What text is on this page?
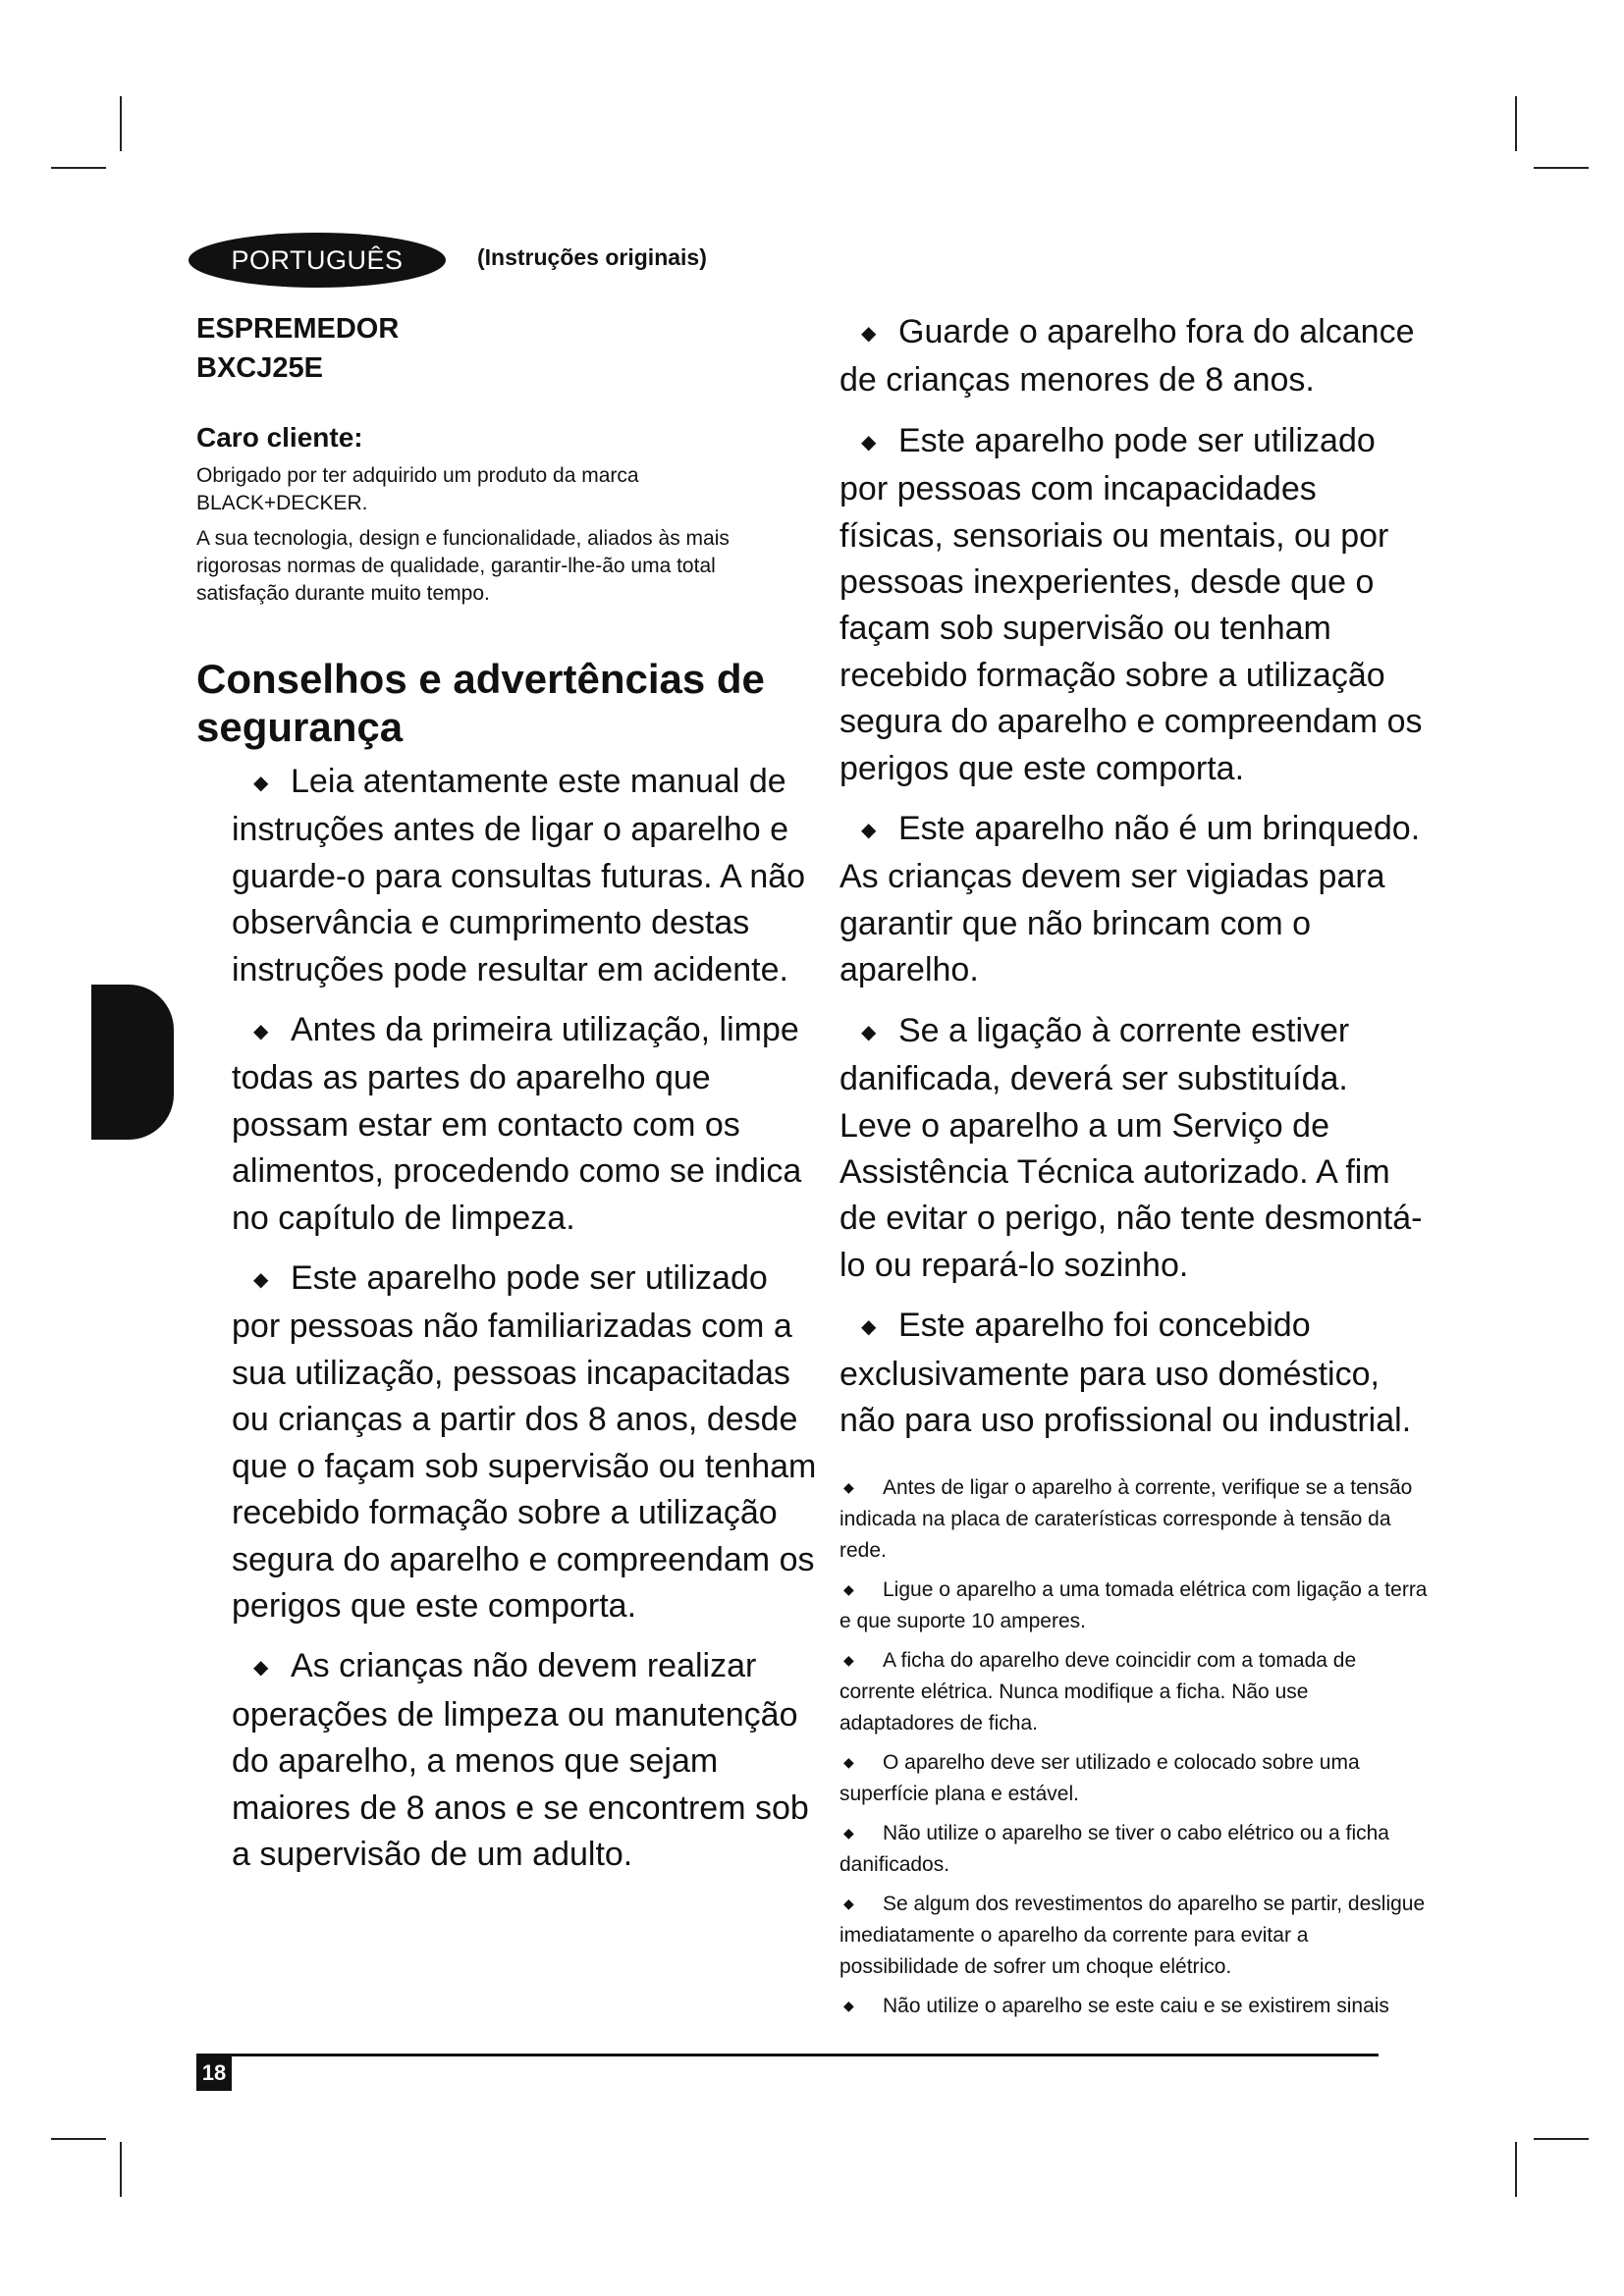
PORTUGUÊS	(Instruções originais)
ESPREMEDOR
BXCJ25E
Caro cliente:

Obrigado por ter adquirido um produto da marca BLACK+DECKER.

A sua tecnologia, design e funcionalidade, aliados às mais rigorosas normas de qualidade, garantir-lhe-ão uma total satisfação durante muito tempo.

Conselhos e advertências de segurança
◆ Leia atentamente este manual de instruções antes de ligar o aparelho e guarde-o para consultas futuras. A não observância e cumprimento destas instruções pode resultar em acidente.
◆ Antes da primeira utilização, limpe todas as partes do aparelho que possam estar em contacto com os alimentos, procedendo como se indica no capítulo de limpeza.
◆ Este aparelho pode ser utilizado por pessoas não familiarizadas com a sua utilização, pessoas incapacitadas ou crianças a partir dos 8 anos, desde que o façam sob supervisão ou tenham recebido formação sobre a utilização segura do aparelho e compreendam os perigos que este comporta.
◆ As crianças não devem realizar operações de limpeza ou manutenção do aparelho, a menos que sejam maiores de 8 anos e se encontrem sob a supervisão de um adulto.
◆ Guarde o aparelho fora do alcance de crianças menores de 8 anos.
◆ Este aparelho pode ser utilizado por pessoas com incapacidades físicas, sensoriais ou mentais, ou por pessoas inexperientes, desde que o façam sob supervisão ou tenham recebido formação sobre a utilização segura do aparelho e compreendam os perigos que este comporta.
◆ Este aparelho não é um brinquedo. As crianças devem ser vigiadas para garantir que não brincam com o aparelho.
◆ Se a ligação à corrente estiver danificada, deverá ser substituída. Leve o aparelho a um Serviço de Assistência Técnica autorizado. A fim de evitar o perigo, não tente desmontá-lo ou repará-lo sozinho.
◆ Este aparelho foi concebido exclusivamente para uso doméstico, não para uso profissional ou industrial.
◆ Antes de ligar o aparelho à corrente, verifique se a tensão indicada na placa de caraterísticas corresponde à tensão da rede.
◆ Ligue o aparelho a uma tomada elétrica com ligação a terra e que suporte 10 amperes.
◆ A ficha do aparelho deve coincidir com a tomada de corrente elétrica. Nunca modifique a ficha. Não use adaptadores de ficha.
◆ O aparelho deve ser utilizado e colocado sobre uma superfície plana e estável.
◆ Não utilize o aparelho se tiver o cabo elétrico ou a ficha danificados.
◆ Se algum dos revestimentos do aparelho se partir, desligue imediatamente o aparelho da corrente para evitar a possibilidade de sofrer um choque elétrico.
◆ Não utilize o aparelho se este caiu e se existirem sinais
18
